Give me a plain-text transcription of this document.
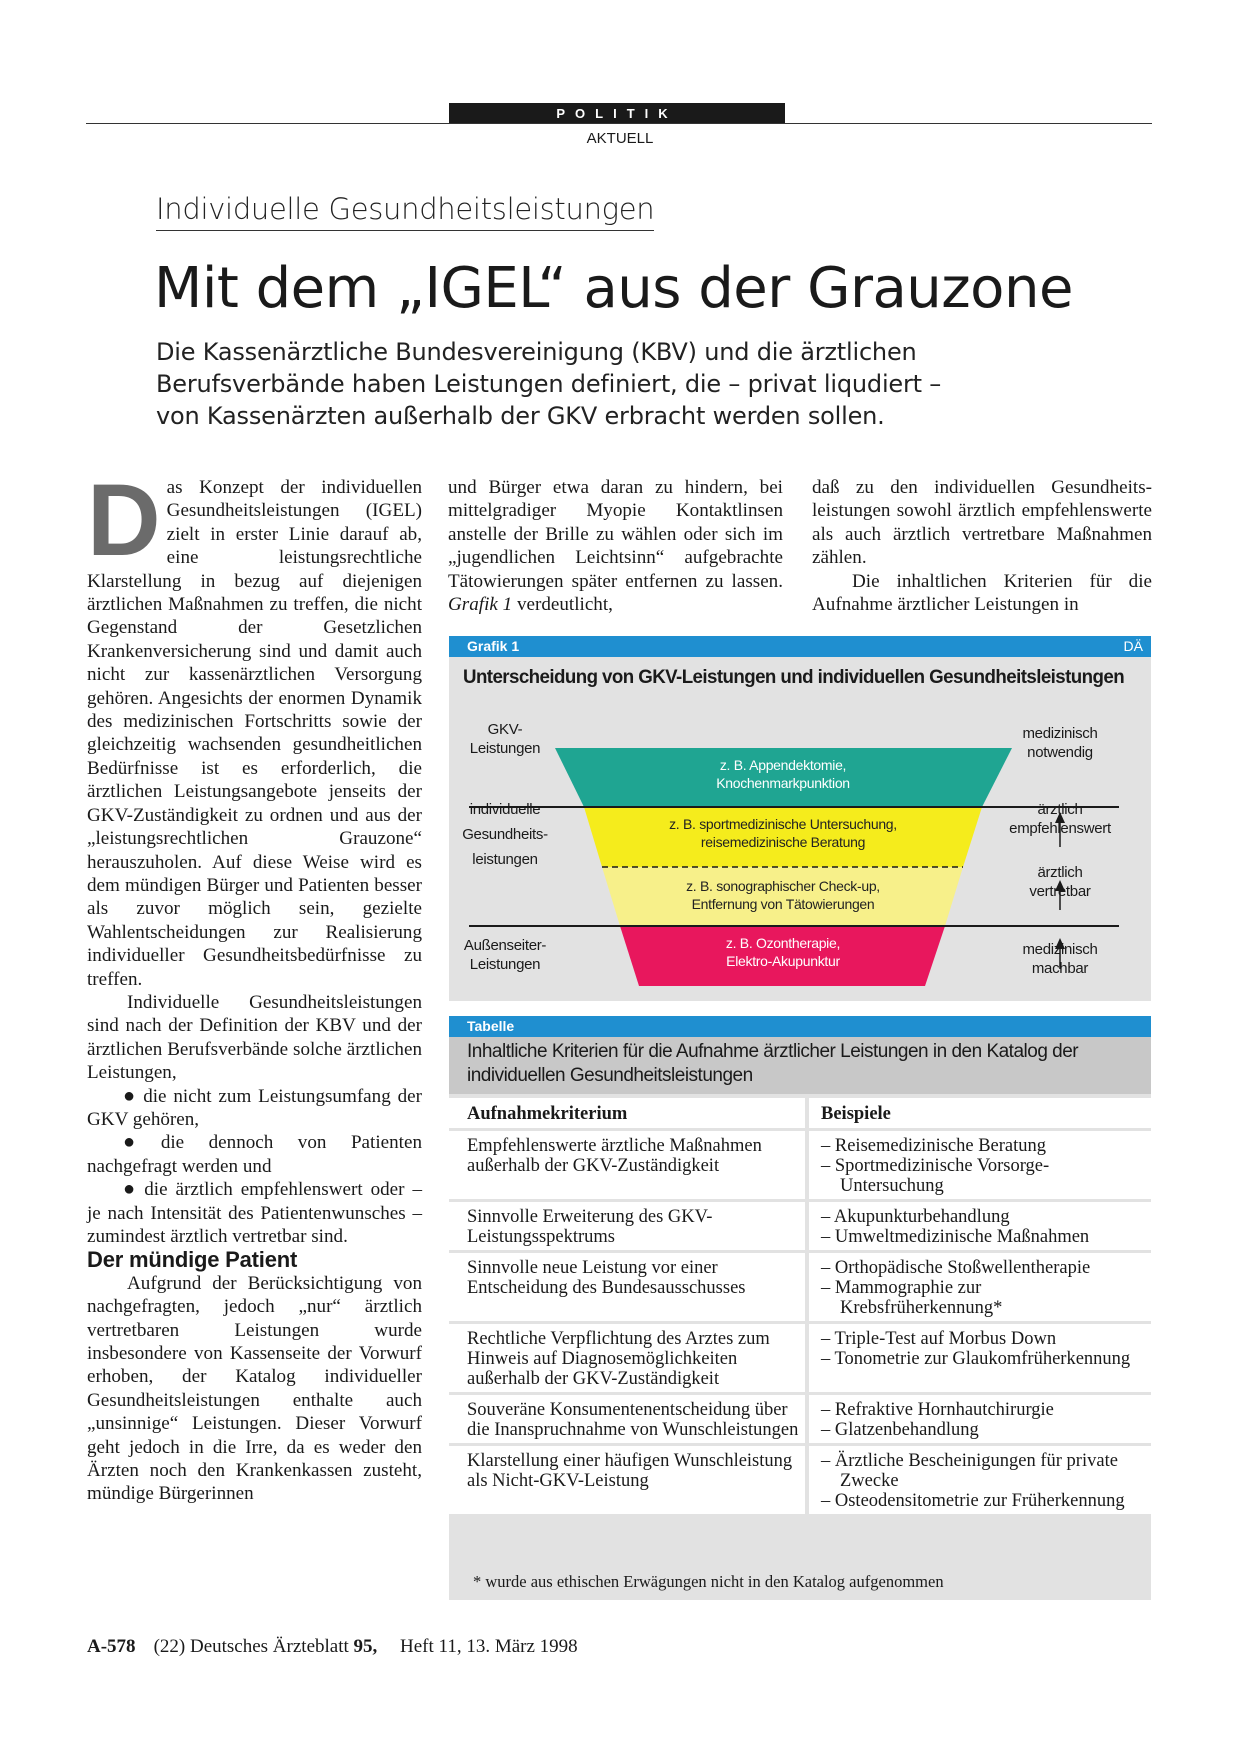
POLITIK
AKTUELL
Individuelle Gesundheitsleistungen
Mit dem „IGEL“ aus der Grauzone
Die Kassenärztliche Bundesvereinigung (KBV) und die ärztlichen Berufsverbände haben Leistungen definiert, die – privat liqudiert – von Kassenärzten außerhalb der GKV erbracht werden sollen.

Das Konzept der individuellen Gesundheitsleistungen (IGEL) zielt in erster Linie darauf ab, eine leistungsrechtliche Klarstellung in bezug auf diejenigen ärztlichen Maßnahmen zu treffen, die nicht Gegenstand der Gesetzlichen Krankenversicherung sind und damit auch nicht zur kassenärztlichen Versorgung gehören. Angesichts der enormen Dynamik des medizinischen Fortschritts sowie der gleichzeitig wachsenden gesundheitlichen Bedürfnisse ist es erforderlich, die ärztlichen Leistungsangebote jenseits der GKV-Zuständigkeit zu ordnen und aus der „leistungsrechtlichen Grauzone“ herauszuholen. Auf diese Weise wird es dem mündigen Bürger und Patienten besser als zuvor möglich sein, gezielte Wahlentscheidungen zur Realisierung individueller Gesundheitsbedürfnisse zu treffen.

Individuelle Gesundheitsleistungen sind nach der Definition der KBV und der ärztlichen Berufsverbände solche ärztlichen Leistungen,

● die nicht zum Leistungsumfang der GKV gehören,

● die dennoch von Patienten nachgefragt werden und

● die ärztlich empfehlenswert oder – je nach Intensität des Patientenwunsches – zumindest ärztlich vertretbar sind.

Der mündige Patient

Aufgrund der Berücksichtigung von nachgefragten, jedoch „nur“ ärztlich vertretbaren Leistungen wurde insbesondere von Kassenseite der Vorwurf erhoben, der Katalog individueller Gesundheitsleistungen enthalte auch „unsinnige“ Leistungen. Dieser Vorwurf geht jedoch in die Irre, da es weder den Ärzten noch den Krankenkassen zusteht, mündige Bürgerinnen

und Bürger etwa daran zu hindern, bei mittelgradiger Myopie Kontaktlinsen anstelle der Brille zu wählen oder sich im „jugendlichen Leichtsinn“ aufgebrachte Tätowierungen später entfernen zu lassen. Grafik 1 verdeutlicht,

daß zu den individuellen Gesundheitsleistungen sowohl ärztlich empfehlenswerte als auch ärztlich vertretbare Maßnahmen zählen.

Die inhaltlichen Kriterien für die Aufnahme ärztlicher Leistungen in

Grafik 1	DÄ
Unterscheidung von GKV-Leistungen und individuellen Gesundheitsleistungen
z. B. Appendektomie,
Knochenmarkpunktion
z. B. sportmedizinische Untersuchung,
reisemedizinische Beratung
z. B. sonographischer Check-up,
Entfernung von Tätowierungen
z. B. Ozontherapie,
Elektro-Akupunktur
GKV-
Leistungen
individuelle
Gesundheits-
leistungen
Außenseiter-
Leistungen
medizinisch
notwendig
ärztlich
empfehlenswert
ärztlich
vertretbar
medizinisch
machbar
Tabelle
Inhaltliche Kriterien für die Aufnahme ärztlicher Leistungen in den Katalog der individuellen Gesundheitsleistungen
Aufnahmekriterium	Beispiele
Empfehlenswerte ärztliche Maßnahmen außerhalb der GKV-Zuständigkeit	– Reisemedizinische Beratung
– Sportmedizinische Vorsorge-Untersuchung

Sinnvolle Erweiterung des GKV-Leistungsspektrums	– Akupunkturbehandlung
– Umweltmedizinische Maßnahmen

Sinnvolle neue Leistung vor einer Entscheidung des Bundesausschusses	– Orthopädische Stoßwellentherapie
– Mammographie zur Krebsfrüherkennung*

Rechtliche Verpflichtung des Arztes zum Hinweis auf Diagnosemöglichkeiten außerhalb der GKV-Zuständigkeit	– Triple-Test auf Morbus Down
– Tonometrie zur Glaukomfrüherkennung

Souveräne Konsumentenentscheidung über die Inanspruchnahme von Wunschleistungen	– Refraktive Hornhautchirurgie
– Glatzenbehandlung

Klarstellung einer häufigen Wunschleistung als Nicht-GKV-Leistung	– Ärztliche Bescheinigungen für private Zwecke
– Osteodensitometrie zur Früherkennung
* wurde aus ethischen Erwägungen nicht in den Katalog aufgenommen
A-578 (22) Deutsches Ärzteblatt 95, Heft 11, 13. März 1998
